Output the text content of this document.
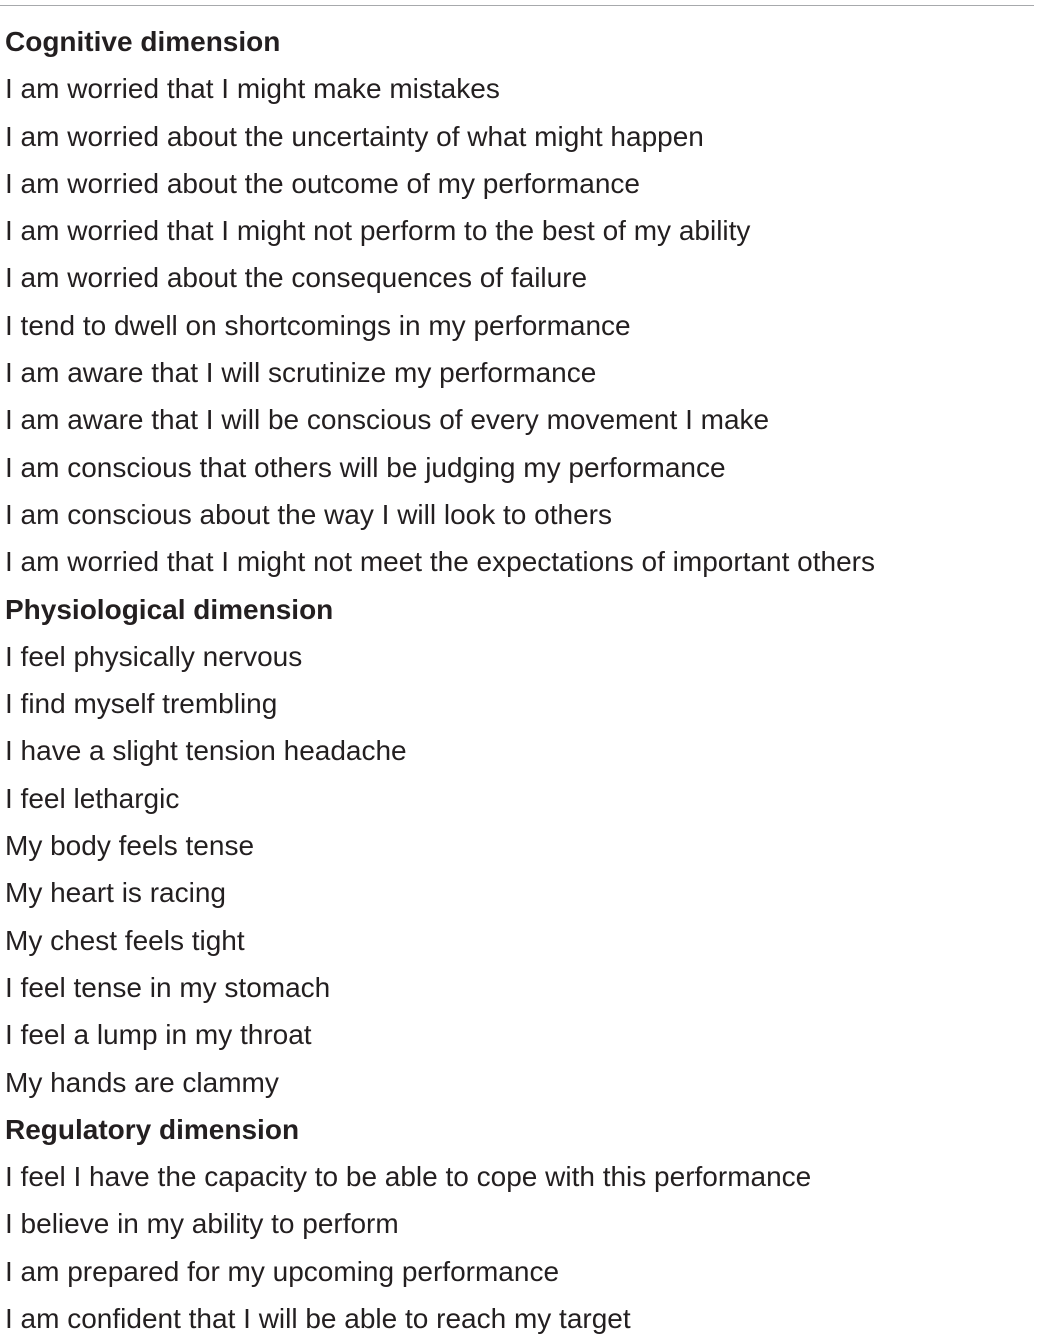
Cognitive dimension
I am worried that I might make mistakes
I am worried about the uncertainty of what might happen
I am worried about the outcome of my performance
I am worried that I might not perform to the best of my ability
I am worried about the consequences of failure
I tend to dwell on shortcomings in my performance
I am aware that I will scrutinize my performance
I am aware that I will be conscious of every movement I make
I am conscious that others will be judging my performance
I am conscious about the way I will look to others
I am worried that I might not meet the expectations of important others
Physiological dimension
I feel physically nervous
I find myself trembling
I have a slight tension headache
I feel lethargic
My body feels tense
My heart is racing
My chest feels tight
I feel tense in my stomach
I feel a lump in my throat
My hands are clammy
Regulatory dimension
I feel I have the capacity to be able to cope with this performance
I believe in my ability to perform
I am prepared for my upcoming performance
I am confident that I will be able to reach my target
